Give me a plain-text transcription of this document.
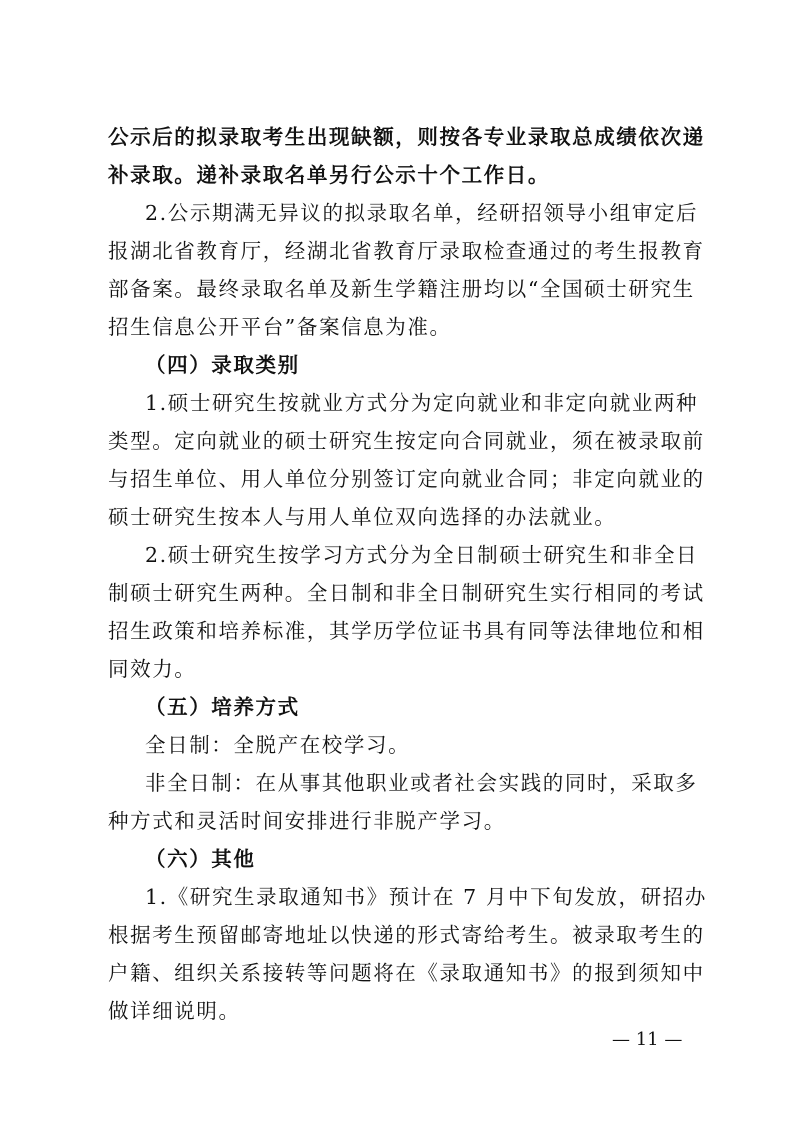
公示后的拟录取考生出现缺额，则按各专业录取总成绩依次递
补录取。递补录取名单另行公示十个工作日。
2.公示期满无异议的拟录取名单，经研招领导小组审定后
报湖北省教育厅，经湖北省教育厅录取检查通过的考生报教育
部备案。最终录取名单及新生学籍注册均以“全国硕士研究生
招生信息公开平台”备案信息为准。
（四）录取类别
1.硕士研究生按就业方式分为定向就业和非定向就业两种
类型。定向就业的硕士研究生按定向合同就业，须在被录取前
与招生单位、用人单位分别签订定向就业合同；非定向就业的
硕士研究生按本人与用人单位双向选择的办法就业。
2.硕士研究生按学习方式分为全日制硕士研究生和非全日
制硕士研究生两种。全日制和非全日制研究生实行相同的考试
招生政策和培养标准，其学历学位证书具有同等法律地位和相
同效力。
（五）培养方式
全日制：全脱产在校学习。
非全日制：在从事其他职业或者社会实践的同时，采取多
种方式和灵活时间安排进行非脱产学习。
（六）其他
1.《研究生录取通知书》预计在 7 月中下旬发放，研招办
根据考生预留邮寄地址以快递的形式寄给考生。被录取考生的
户籍、组织关系接转等问题将在《录取通知书》的报到须知中
做详细说明。
— 11 —
